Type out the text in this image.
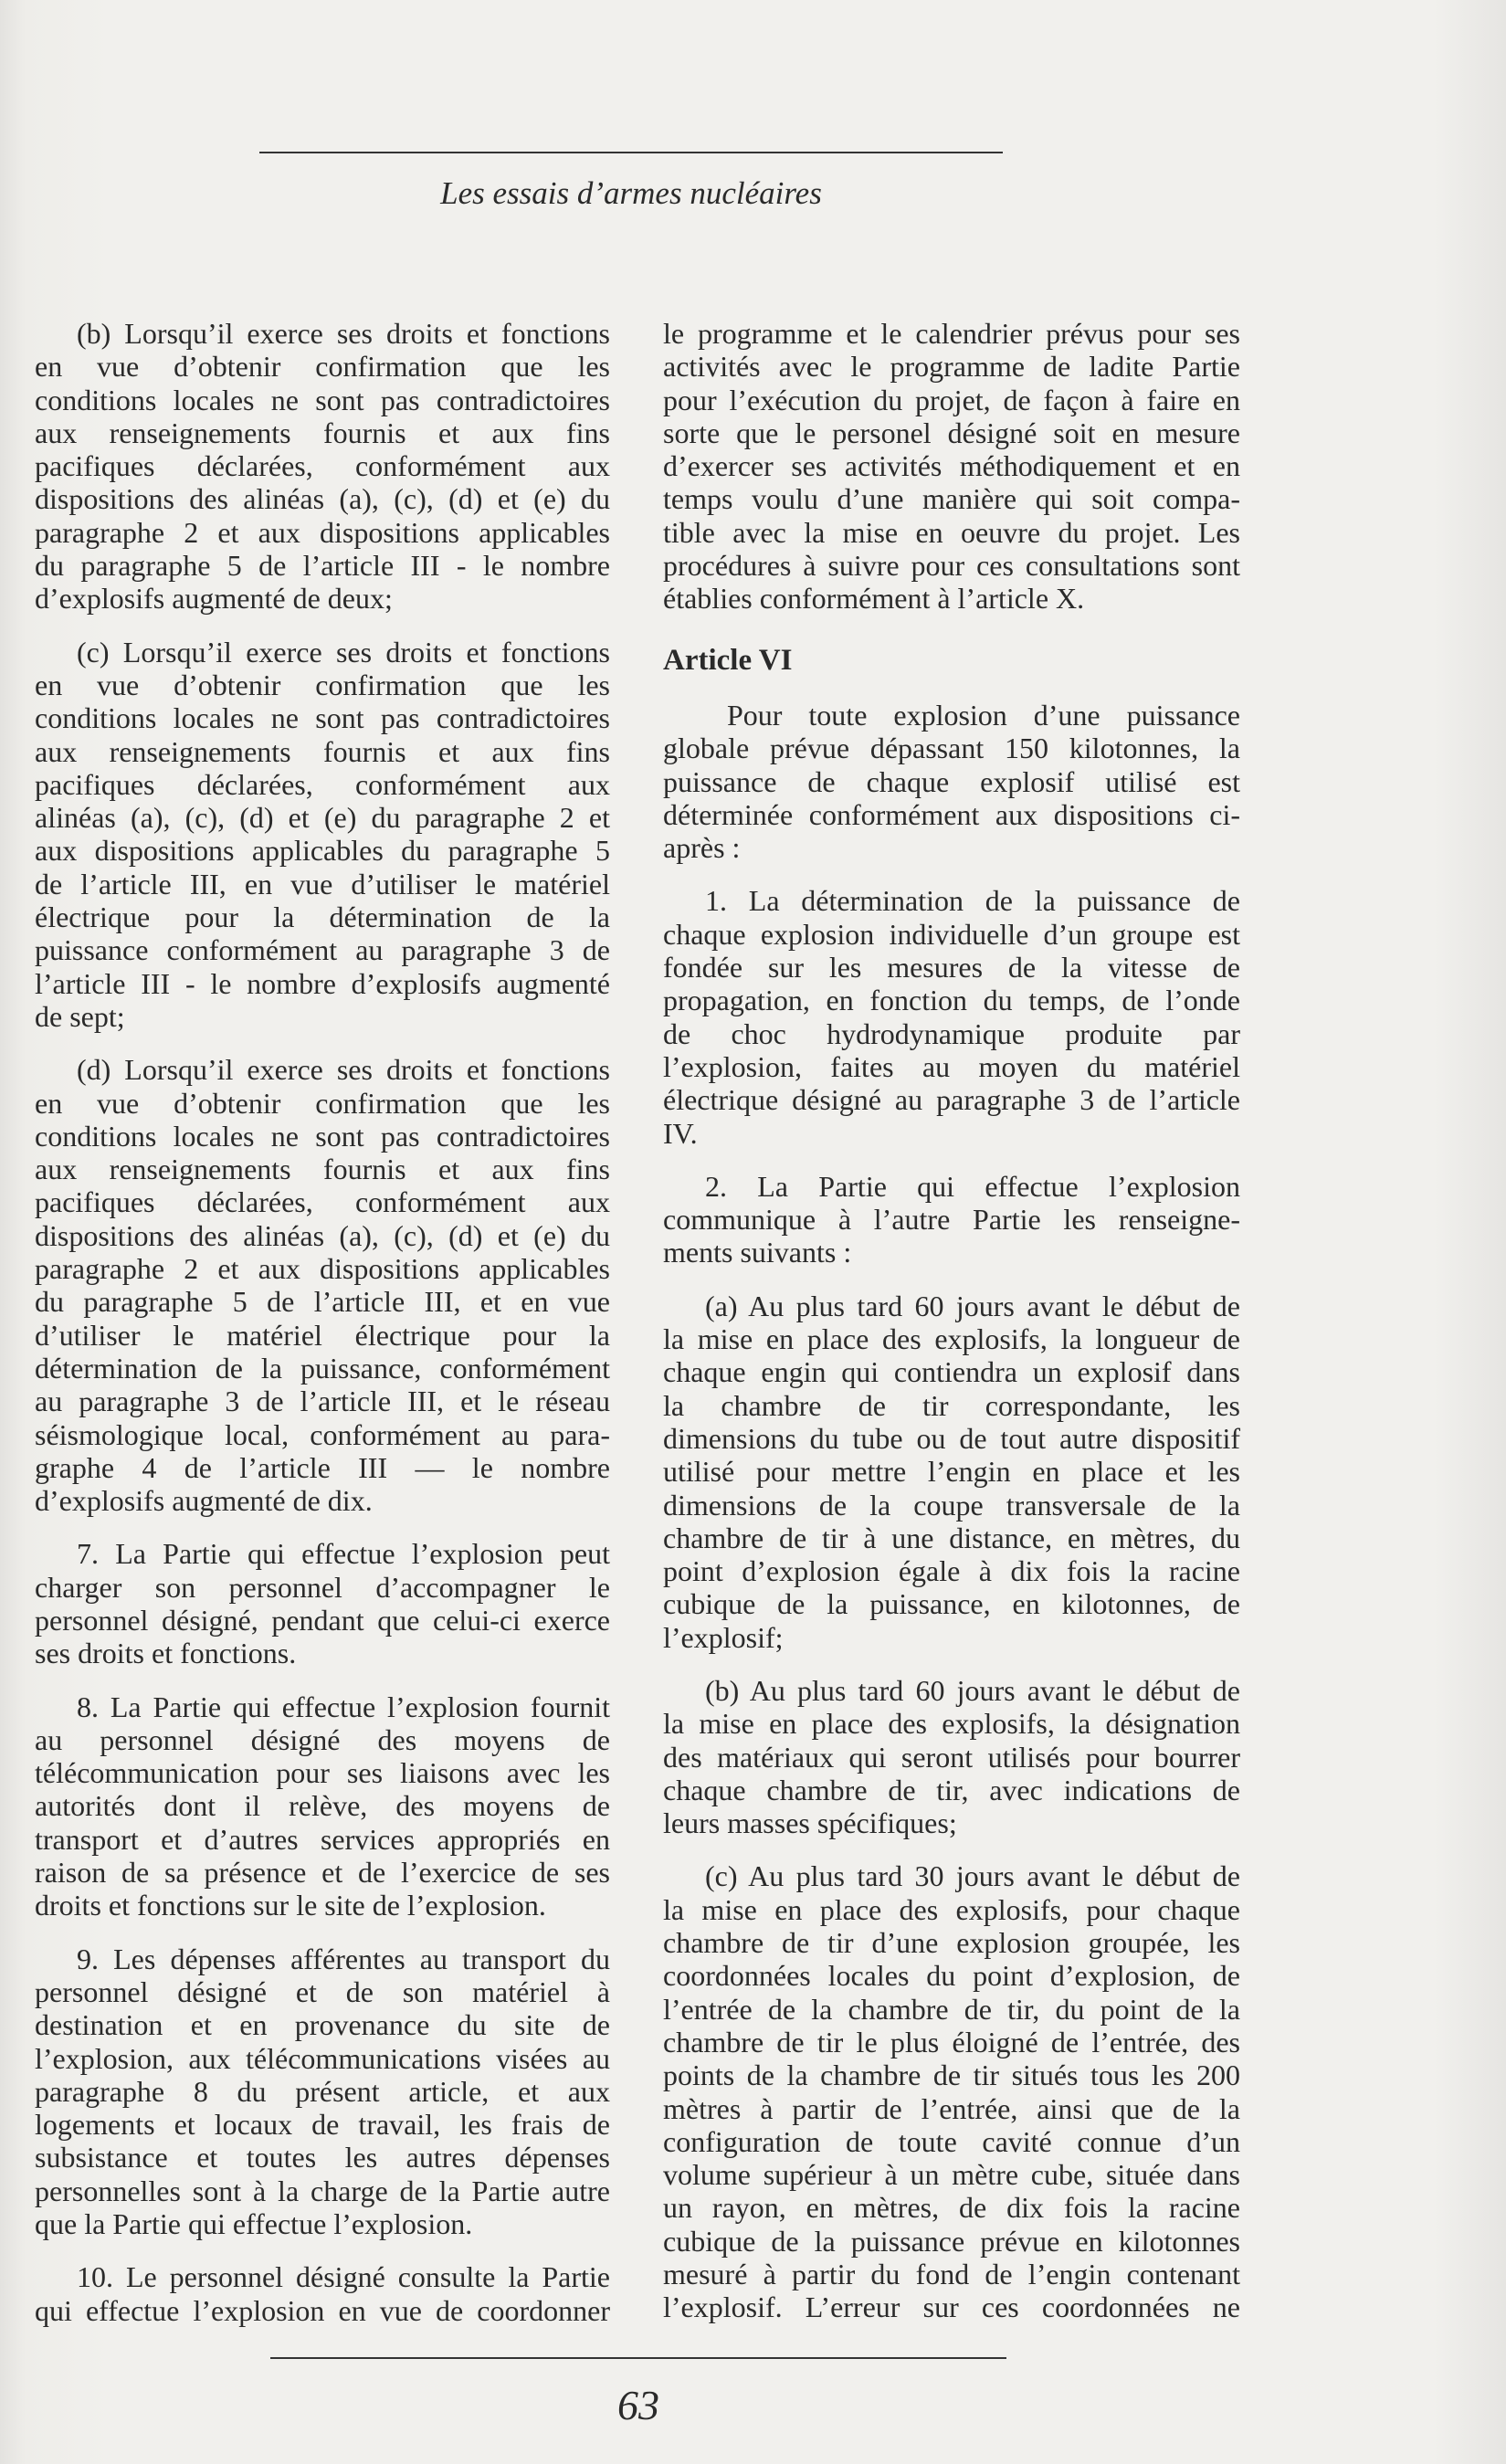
Les essais d’armes nucléaires
(b) Lorsqu’il exerce ses droits et fonctions
en vue d’obtenir confirmation que les
conditions locales ne sont pas contradictoires
aux renseignements fournis et aux fins
pacifiques déclarées, conformément aux
dispositions des alinéas (a), (c), (d) et (e) du
paragraphe 2 et aux dispositions applicables
du paragraphe 5 de l’article III - le nombre
d’explosifs augmenté de deux;
(c) Lorsqu’il exerce ses droits et fonctions
en vue d’obtenir confirmation que les
conditions locales ne sont pas contradictoires
aux renseignements fournis et aux fins
pacifiques déclarées, conformément aux
alinéas (a), (c), (d) et (e) du paragraphe 2 et
aux dispositions applicables du paragraphe 5
de l’article III, en vue d’utiliser le matériel
électrique pour la détermination de la
puissance conformément au paragraphe 3 de
l’article III - le nombre d’explosifs augmenté
de sept;
(d) Lorsqu’il exerce ses droits et fonctions
en vue d’obtenir confirmation que les
conditions locales ne sont pas contradictoires
aux renseignements fournis et aux fins
pacifiques déclarées, conformément aux
dispositions des alinéas (a), (c), (d) et (e) du
paragraphe 2 et aux dispositions applicables
du paragraphe 5 de l’article III, et en vue
d’utiliser le matériel électrique pour la
détermination de la puissance, conformément
au paragraphe 3 de l’article III, et le réseau
séismologique local, conformément au para-
graphe 4 de l’article III — le nombre
d’explosifs augmenté de dix.
7. La Partie qui effectue l’explosion peut
charger son personnel d’accompagner le
personnel désigné, pendant que celui-ci exerce
ses droits et fonctions.
8. La Partie qui effectue l’explosion fournit
au personnel désigné des moyens de
télécommunication pour ses liaisons avec les
autorités dont il relève, des moyens de
transport et d’autres services appropriés en
raison de sa présence et de l’exercice de ses
droits et fonctions sur le site de l’explosion.
9. Les dépenses afférentes au transport du
personnel désigné et de son matériel à
destination et en provenance du site de
l’explosion, aux télécommunications visées au
paragraphe 8 du présent article, et aux
logements et locaux de travail, les frais de
subsistance et toutes les autres dépenses
personnelles sont à la charge de la Partie autre
que la Partie qui effectue l’explosion.
10. Le personnel désigné consulte la Partie
qui effectue l’explosion en vue de coordonner
le programme et le calendrier prévus pour ses
activités avec le programme de ladite Partie
pour l’exécution du projet, de façon à faire en
sorte que le personel désigné soit en mesure
d’exercer ses activités méthodiquement et en
temps voulu d’une manière qui soit compa-
tible avec la mise en oeuvre du projet. Les
procédures à suivre pour ces consultations sont
établies conformément à l’article X.
Article VI
Pour toute explosion d’une puissance
globale prévue dépassant 150 kilotonnes, la
puissance de chaque explosif utilisé est
déterminée conformément aux dispositions ci-
après :
1. La détermination de la puissance de
chaque explosion individuelle d’un groupe est
fondée sur les mesures de la vitesse de
propagation, en fonction du temps, de l’onde
de choc hydrodynamique produite par
l’explosion, faites au moyen du matériel
électrique désigné au paragraphe 3 de l’article
IV.
2. La Partie qui effectue l’explosion
communique à l’autre Partie les renseigne-
ments suivants :
(a) Au plus tard 60 jours avant le début de
la mise en place des explosifs, la longueur de
chaque engin qui contiendra un explosif dans
la chambre de tir correspondante, les
dimensions du tube ou de tout autre dispositif
utilisé pour mettre l’engin en place et les
dimensions de la coupe transversale de la
chambre de tir à une distance, en mètres, du
point d’explosion égale à dix fois la racine
cubique de la puissance, en kilotonnes, de
l’explosif;
(b) Au plus tard 60 jours avant le début de
la mise en place des explosifs, la désignation
des matériaux qui seront utilisés pour bourrer
chaque chambre de tir, avec indications de
leurs masses spécifiques;
(c) Au plus tard 30 jours avant le début de
la mise en place des explosifs, pour chaque
chambre de tir d’une explosion groupée, les
coordonnées locales du point d’explosion, de
l’entrée de la chambre de tir, du point de la
chambre de tir le plus éloigné de l’entrée, des
points de la chambre de tir situés tous les 200
mètres à partir de l’entrée, ainsi que de la
configuration de toute cavité connue d’un
volume supérieur à un mètre cube, située dans
un rayon, en mètres, de dix fois la racine
cubique de la puissance prévue en kilotonnes
mesuré à partir du fond de l’engin contenant
l’explosif. L’erreur sur ces coordonnées ne
63
